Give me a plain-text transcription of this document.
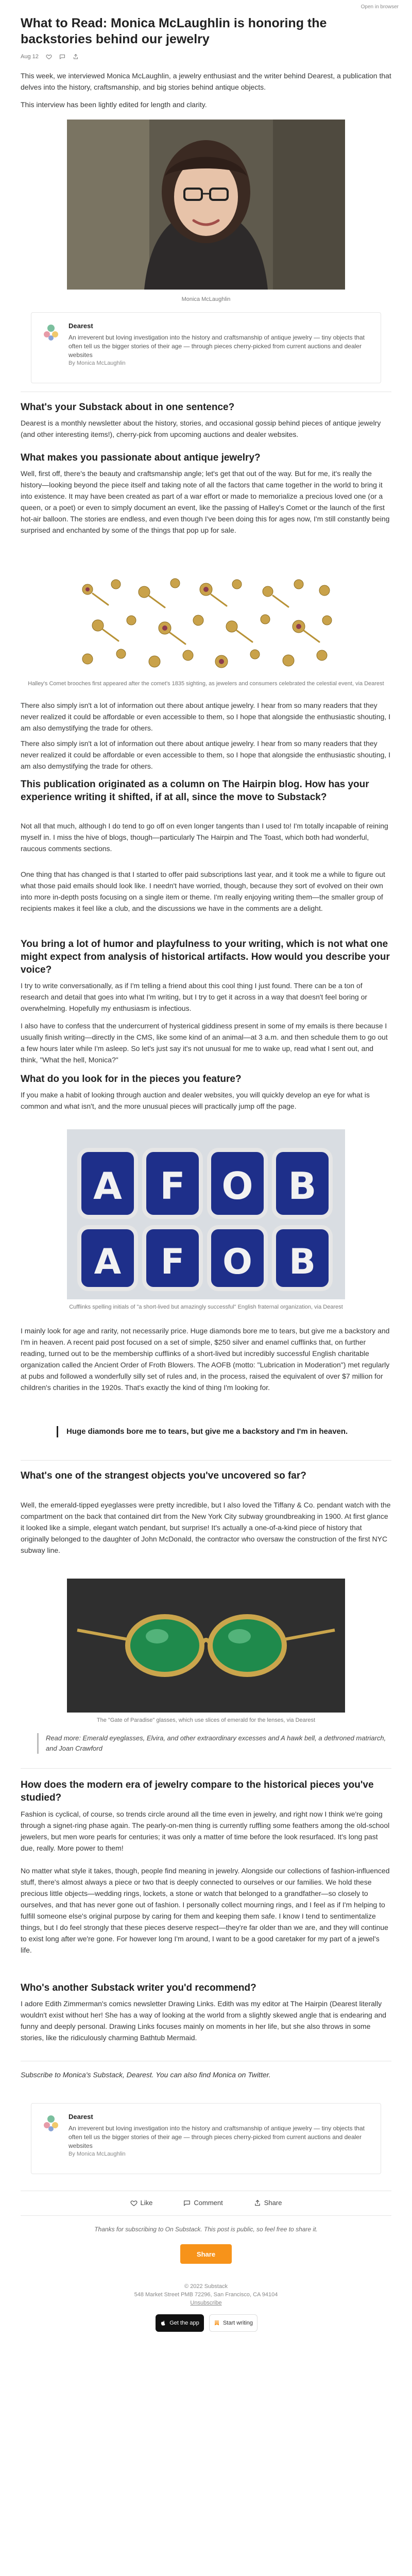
Open in browser
What to Read: Monica McLaughlin is honoring the backstories behind our jewelry
Aug 12

This week, we interviewed Monica McLaughlin, a jewelry enthusiast and the writer behind Dearest, a publication that delves into the history, craftsmanship, and big stories behind antique objects.

This interview has been lightly edited for length and clarity.

Monica McLaughlin
Dearest
An irreverent but loving investigation into the history and craftsmanship of antique jewelry — tiny objects that often tell us the bigger stories of their age — through pieces cherry-picked from current auctions and dealer websites
By Monica McLaughlin
What's your Substack about in one sentence?

Dearest is a monthly newsletter about the history, stories, and occasional gossip behind pieces of antique jewelry (and other interesting items!), cherry-pick from upcoming auctions and dealer websites.

What makes you passionate about antique jewelry?

Well, first off, there's the beauty and craftsmanship angle; let's get that out of the way. But for me, it's really the history—looking beyond the piece itself and taking note of all the factors that came together in the world to bring it into existence. It may have been created as part of a war effort or made to memorialize a precious loved one (or a queen, or a poet) or even to simply document an event, like the passing of Halley's Comet or the launch of the first hot-air balloon. The stories are endless, and even though I've been doing this for ages now, I'm still constantly being surprised and enchanted by some of the things that pop up for sale.

Halley's Comet brooches first appeared after the comet's 1835 sighting, as jewelers and consumers celebrated the celestial event, via Dearest

There also simply isn't a lot of information out there about antique jewelry. I hear from so many readers that they never realized it could be affordable or even accessible to them, so I hope that alongside the enthusiastic shouting, I am also demystifying the trade for others.

There also simply isn't a lot of information out there about antique jewelry. I hear from so many readers that they never realized it could be affordable or even accessible to them, so I hope that alongside the enthusiastic shouting, I am also demystifying the trade for others.

This publication originated as a column on The Hairpin blog. How has your experience writing it shifted, if at all, since the move to Substack?

Not all that much, although I do tend to go off on even longer tangents than I used to! I'm totally incapable of reining myself in. I miss the hive of blogs, though—particularly The Hairpin and The Toast, which both had wonderful, raucous comments sections.

One thing that has changed is that I started to offer paid subscriptions last year, and it took me a while to figure out what those paid emails should look like. I needn't have worried, though, because they sort of evolved on their own into more in-depth posts focusing on a single item or theme. I'm really enjoying writing them—the smaller group of recipients makes it feel like a club, and the discussions we have in the comments are a delight.

You bring a lot of humor and playfulness to your writing, which is not what one might expect from analysis of historical artifacts. How would you describe your voice?

I try to write conversationally, as if I'm telling a friend about this cool thing I just found. There can be a ton of research and detail that goes into what I'm writing, but I try to get it across in a way that doesn't feel boring or overwhelming. Hopefully my enthusiasm is infectious.

I also have to confess that the undercurrent of hysterical giddiness present in some of my emails is there because I usually finish writing—directly in the CMS, like some kind of an animal—at 3 a.m. and then schedule them to go out a few hours later while I'm asleep. So let's just say it's not unusual for me to wake up, read what I sent out, and think, "What the hell, Monica?"

What do you look for in the pieces you feature?

If you make a habit of looking through auction and dealer websites, you will quickly develop an eye for what is common and what isn't, and the more unusual pieces will practically jump off the page.

A F O B
A F O B
Cufflinks spelling initials of "a short-lived but amazingly successful" English fraternal organization, via Dearest

I mainly look for age and rarity, not necessarily price. Huge diamonds bore me to tears, but give me a backstory and I'm in heaven. A recent paid post focused on a set of simple, $250 silver and enamel cufflinks that, on further reading, turned out to be the membership cufflinks of a short-lived but incredibly successful English charitable organization called the Ancient Order of Froth Blowers. The AOFB (motto: "Lubrication in Moderation") met regularly at pubs and followed a wonderfully silly set of rules and, in the process, raised the equivalent of over $7 million for children's charities in the 1920s. That's exactly the kind of thing I'm looking for.

Huge diamonds bore me to tears, but give me a backstory and I'm in heaven.
What's one of the strangest objects you've uncovered so far?

Well, the emerald-tipped eyeglasses were pretty incredible, but I also loved the Tiffany & Co. pendant watch with the compartment on the back that contained dirt from the New York City subway groundbreaking in 1900. At first glance it looked like a simple, elegant watch pendant, but surprise! It's actually a one-of-a-kind piece of history that originally belonged to the daughter of John McDonald, the contractor who oversaw the construction of the first NYC subway line.

The "Gate of Paradise" glasses, which use slices of emerald for the lenses, via Dearest
Read more: Emerald eyeglasses, Elvira, and other extraordinary excesses and A hawk bell, a dethroned matriarch, and Joan Crawford
How does the modern era of jewelry compare to the historical pieces you've studied?

Fashion is cyclical, of course, so trends circle around all the time even in jewelry, and right now I think we're going through a signet-ring phase again. The pearly-on-men thing is currently ruffling some feathers among the old-school jewelers, but men wore pearls for centuries; it was only a matter of time before the look resurfaced. It's long past due, really. More power to them!

No matter what style it takes, though, people find meaning in jewelry. Alongside our collections of fashion-influenced stuff, there's almost always a piece or two that is deeply connected to ourselves or our families. We hold these precious little objects—wedding rings, lockets, a stone or watch that belonged to a grandfather—so closely to ourselves, and that has never gone out of fashion. I personally collect mourning rings, and I feel as if I'm helping to fulfill someone else's original purpose by caring for them and keeping them safe. I know I tend to sentimentalize things, but I do feel strongly that these pieces deserve respect—they're far older than we are, and they will continue to exist long after we're gone. For however long I'm around, I want to be a good caretaker for my part of a jewel's life.

Who's another Substack writer you'd recommend?

I adore Edith Zimmerman's comics newsletter Drawing Links. Edith was my editor at The Hairpin (Dearest literally wouldn't exist without her! She has a way of looking at the world from a slightly skewed angle that is endearing and funny and deeply personal. Drawing Links focuses mainly on moments in her life, but she also throws in some stories, like the ridiculously charming Bathtub Mermaid.

Subscribe to Monica's Substack, Dearest. You can also find Monica on Twitter.

Dearest
An irreverent but loving investigation into the history and craftsmanship of antique jewelry — tiny objects that often tell us the bigger stories of their age — through pieces cherry-picked from current auctions and dealer websites
By Monica McLaughlin
Like	Comment	Share

Thanks for subscribing to On Substack. This post is public, so feel free to share it.

Share
© 2022 Substack
548 Market Street PMB 72296, San Francisco, CA 94104
Unsubscribe
Get the app	Start writing
